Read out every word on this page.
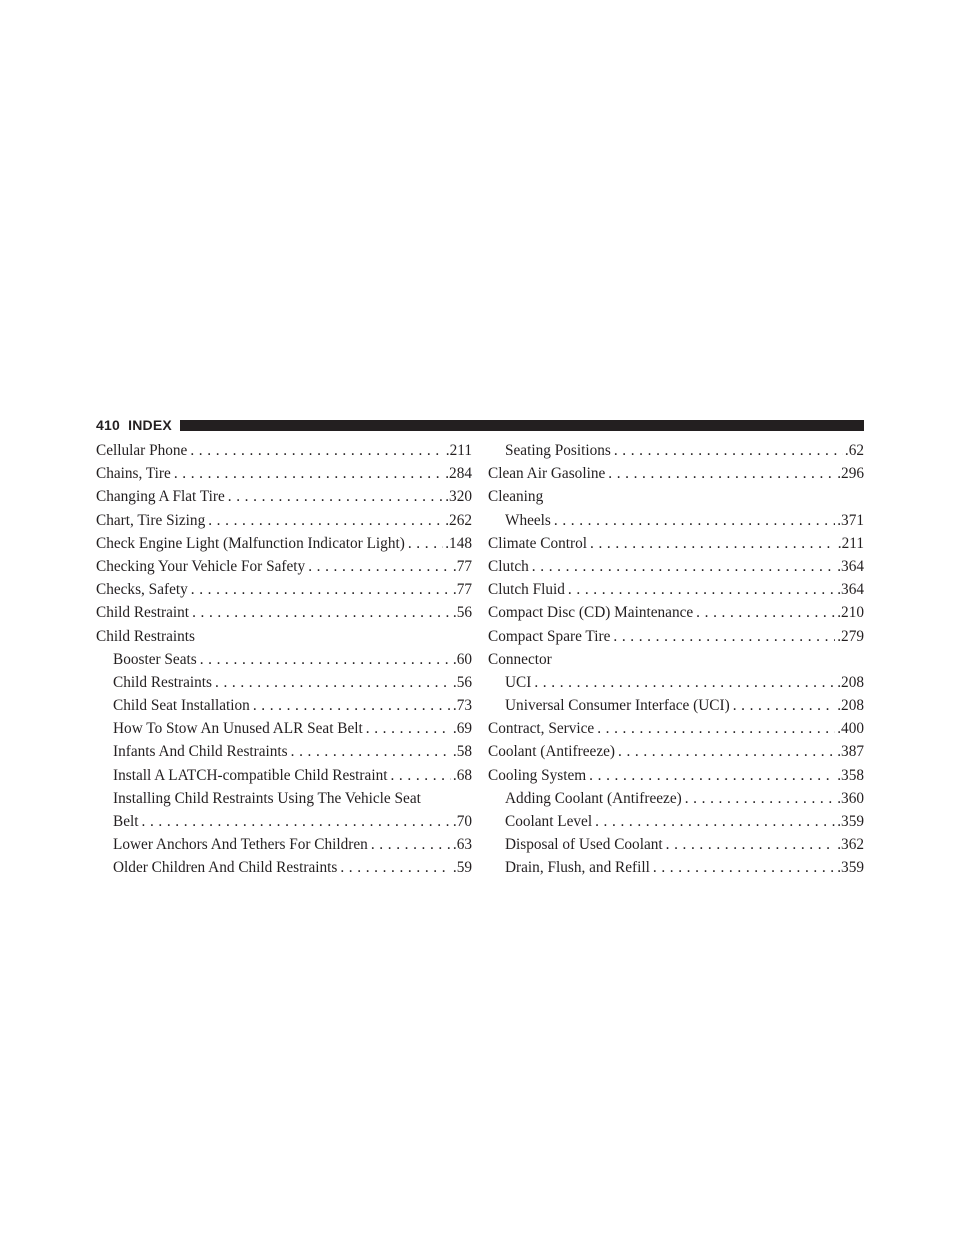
410 INDEX
Cellular Phone . . .	.211
Chains, Tire . . .	.284
Changing A Flat Tire . . .	.320
Chart, Tire Sizing . . .	.262
Check Engine Light (Malfunction Indicator Light) . . .	.148
Checking Your Vehicle For Safety . . .	.77
Checks, Safety . . .	.77
Child Restraint . . .	.56
Child Restraints
Booster Seats . . .	.60
Child Restraints . . .	.56
Child Seat Installation . . .	.73
How To Stow An Unused ALR Seat Belt . . .	.69
Infants And Child Restraints . . .	.58
Install A LATCH-compatible Child Restraint . . .	.68
Installing Child Restraints Using The Vehicle Seat
Belt . . .	.70
Lower Anchors And Tethers For Children . . .	.63
Older Children And Child Restraints . . .	.59
Seating Positions . . .	.62
Clean Air Gasoline . . .	.296
Cleaning
Wheels . . .	.371
Climate Control . . .	.211
Clutch . . .	.364
Clutch Fluid . . .	.364
Compact Disc (CD) Maintenance . . .	.210
Compact Spare Tire . . .	.279
Connector
UCI . . .	.208
Universal Consumer Interface (UCI) . . .	.208
Contract, Service . . .	.400
Coolant (Antifreeze) . . .	.387
Cooling System . . .	.358
Adding Coolant (Antifreeze) . . .	.360
Coolant Level . . .	.359
Disposal of Used Coolant . . .	.362
Drain, Flush, and Refill . . .	.359
